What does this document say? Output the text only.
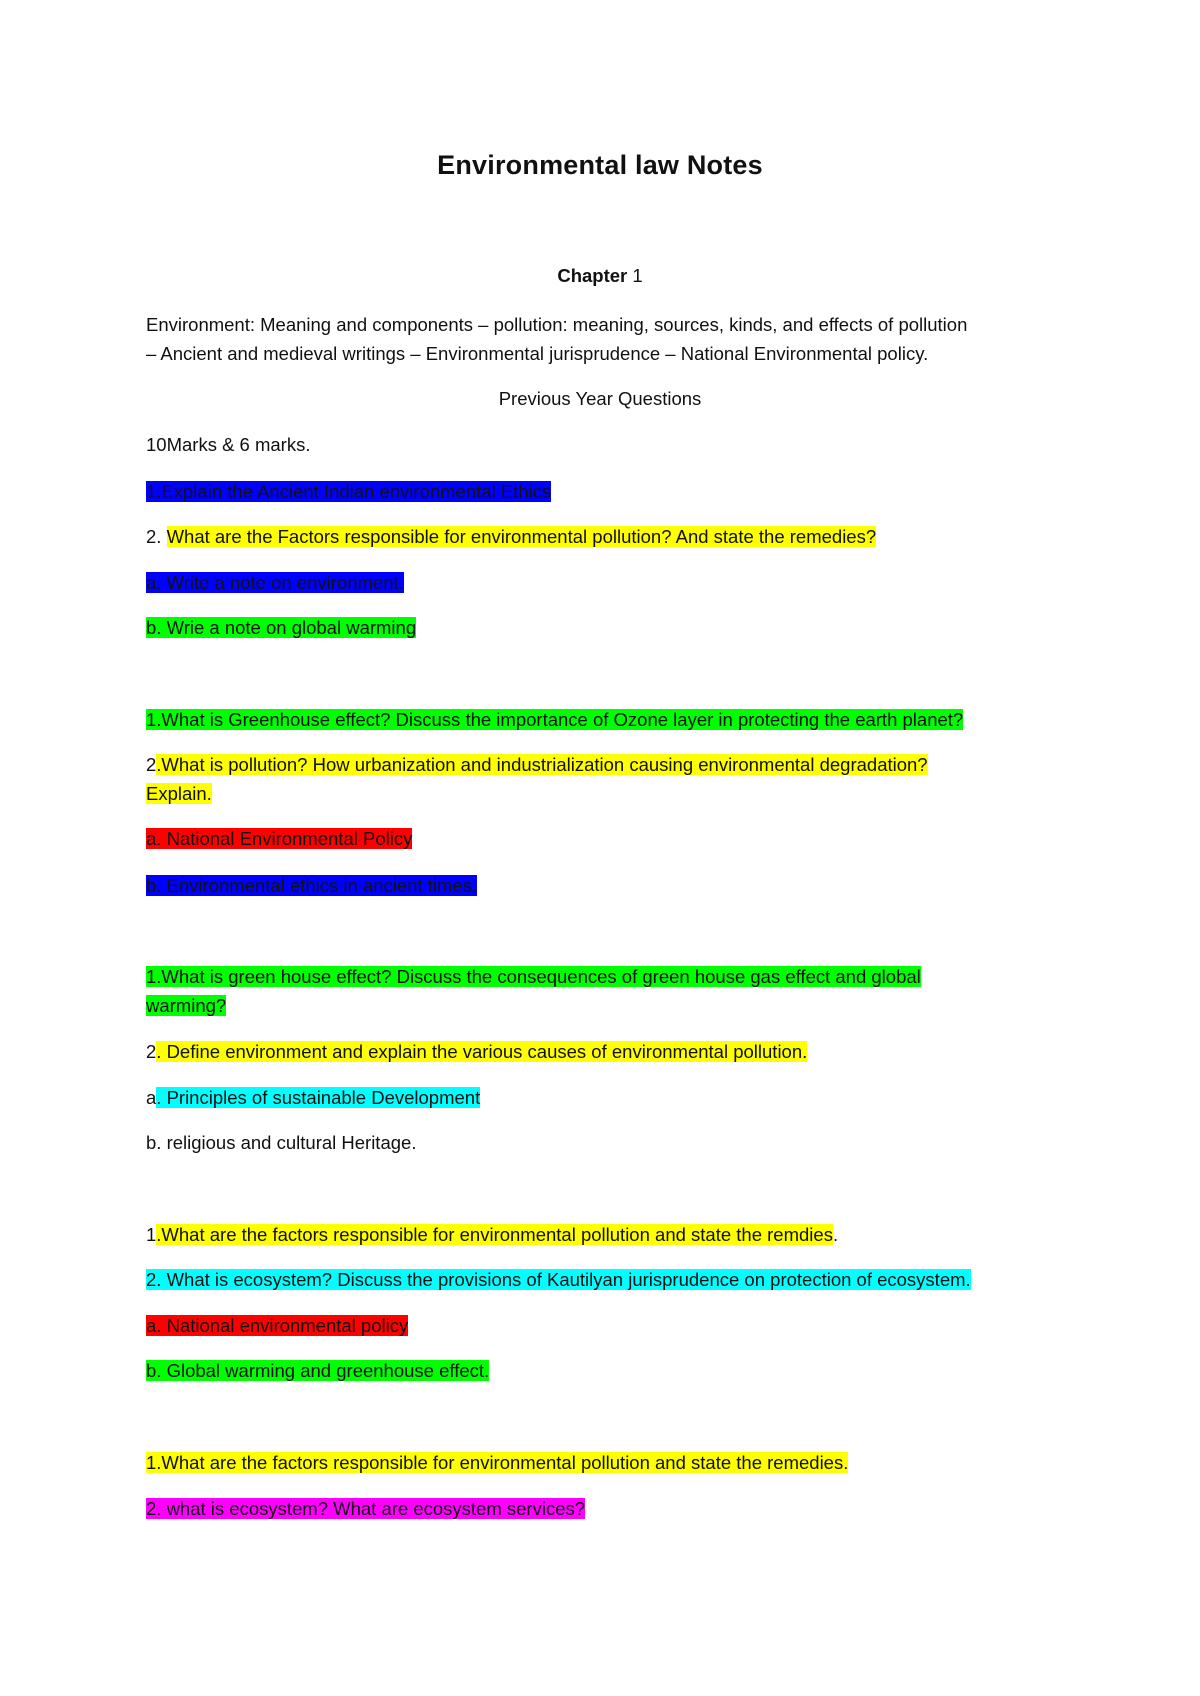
Environmental law Notes
Chapter 1
Environment: Meaning and components – pollution: meaning, sources, kinds, and effects of pollution
– Ancient and medieval writings – Environmental jurisprudence – National Environmental policy.
Previous Year Questions
10Marks & 6 marks.
1.Explain the Ancient Indian environmental Ethics
2. What are the Factors responsible for environmental pollution? And state the remedies?
a. Write a note on environment.
b. Wrie a note on global warming
1.What is Greenhouse effect? Discuss the importance of Ozone layer in protecting the earth planet?
2.What is pollution? How urbanization and industrialization causing environmental degradation?
Explain.
a. National Environmental Policy
b. Environmental ethics in ancient times.
1.What is green house effect? Discuss the consequences of green house gas effect and global
warming?
2. Define environment and explain the various causes of environmental pollution.
a. Principles of sustainable Development
b. religious and cultural Heritage.
1.What are the factors responsible for environmental pollution and state the remdies.
2. What is ecosystem? Discuss the provisions of Kautilyan jurisprudence on protection of ecosystem.
a. National environmental policy
b. Global warming and greenhouse effect.
1.What are the factors responsible for environmental pollution and state the remedies.
2. what is ecosystem? What are ecosystem services?
